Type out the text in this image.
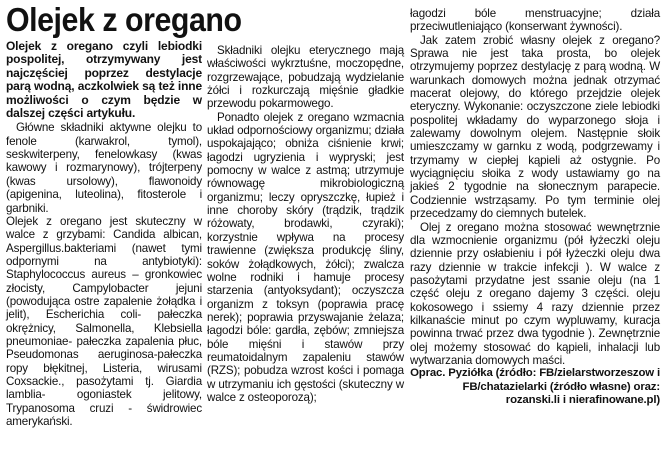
Olejek z oregano

Olejek z oregano czyli lebiodki pospolitej, otrzymywany jest najczęściej poprzez destylacje parą wodną, aczkolwiek są też inne możliwości o czym będzie w dalszej części artykułu.

Główne składniki aktywne olejku to fenole (karwakrol, tymol), seskwiterpeny, fenelowkasy (kwas kawowy i rozmarynowy), trójterpeny (kwas ursolowy), flawonoidy (apigenina, luteolina), fitosterole i garbniki.

Olejek z oregano jest skuteczny w walce z grzybami: Candida albican, Aspergillus.bakteriami (nawet tymi odpornymi na antybiotyki): Staphylococcus aureus – gronkowiec złocisty, Campylobacter jejuni (powodująca ostre zapalenie żołądka i jelit), Escherichia coli- pałeczka okrężnicy, Salmonella, Klebsiella pneumoniae- pałeczka zapalenia płuc, Pseudomonas aeruginosa-pałeczka ropy błękitnej, Listeria, wirusami Coxsackie., pasożytami tj. Giardia lamblia- ogoniastek jelitowy, Trypanosoma cruzi - świdrowiec amerykański.

Składniki olejku eterycznego mają właściwości wykrztuśne, moczopędne, rozgrzewające, pobudzają wydzielanie żółci i rozkurczają mięśnie gładkie przewodu pokarmowego.

Ponadto olejek z oregano wzmacnia układ odpornościowy organizmu; działa uspokajająco; obniża ciśnienie krwi; łagodzi ugryzienia i wypryski; jest pomocny w walce z astmą; utrzymuje równowagę mikrobiologiczną organizmu; leczy opryszczkę, łupież i inne choroby skóry (trądzik, trądzik różowaty, brodawki, czyraki); korzystnie wpływa na procesy trawienne (zwiększa produkcję śliny, soków żołądkowych, żółci); zwalcza wolne rodniki i hamuje procesy starzenia (antyoksydant); oczyszcza organizm z toksyn (poprawia pracę nerek); poprawia przyswajanie żelaza; łagodzi bóle: gardła, zębów; zmniejsza bóle mięśni i stawów przy reumatoidalnym zapaleniu stawów (RZS); pobudza wzrost kości i pomaga w utrzymaniu ich gęstości (skuteczny w walce z osteoporozą);

łagodzi bóle menstruacyjne; działa przeciwutleniająco (konserwant żywności).

Jak zatem zrobić własny olejek z oregano? Sprawa nie jest taka prosta, bo olejek otrzymujemy poprzez destylację z parą wodną. W warunkach domowych można jednak otrzymać macerat olejowy, do którego przejdzie olejek eteryczny. Wykonanie: oczyszczone ziele lebiodki pospolitej wkładamy do wyparzonego słoja i zalewamy dowolnym olejem. Następnie słoik umieszczamy w garnku z wodą, podgrzewamy i trzymamy w ciepłej kąpieli aż ostygnie. Po wyciągnięciu słoika z wody ustawiamy go na jakieś 2 tygodnie na słonecznym parapecie. Codziennie wstrząsamy. Po tym terminie olej przecedzamy do ciemnych butelek.

Olej z oregano można stosować wewnętrznie dla wzmocnienie organizmu (pół łyżeczki oleju dziennie przy osłabieniu i pół łyżeczki oleju dwa razy dziennie w trakcie infekcji ). W walce z pasożytami przydatne jest ssanie oleju (na 1 część oleju z oregano dajemy 3 części. oleju kokosowego i ssiemy 4 razy dziennie przez kilkanaście minut po czym wypluwamy, kuracja powinna trwać przez dwa tygodnie ). Zewnętrznie olej możemy stosować do kąpieli, inhalacji lub wytwarzania domowych maści.

Oprac. Pyziółka (źródło: FB/zielarstworzeszow i FB/chatazielarki (źródło własne) oraz: rozanski.li i nierafinowane.pl)
